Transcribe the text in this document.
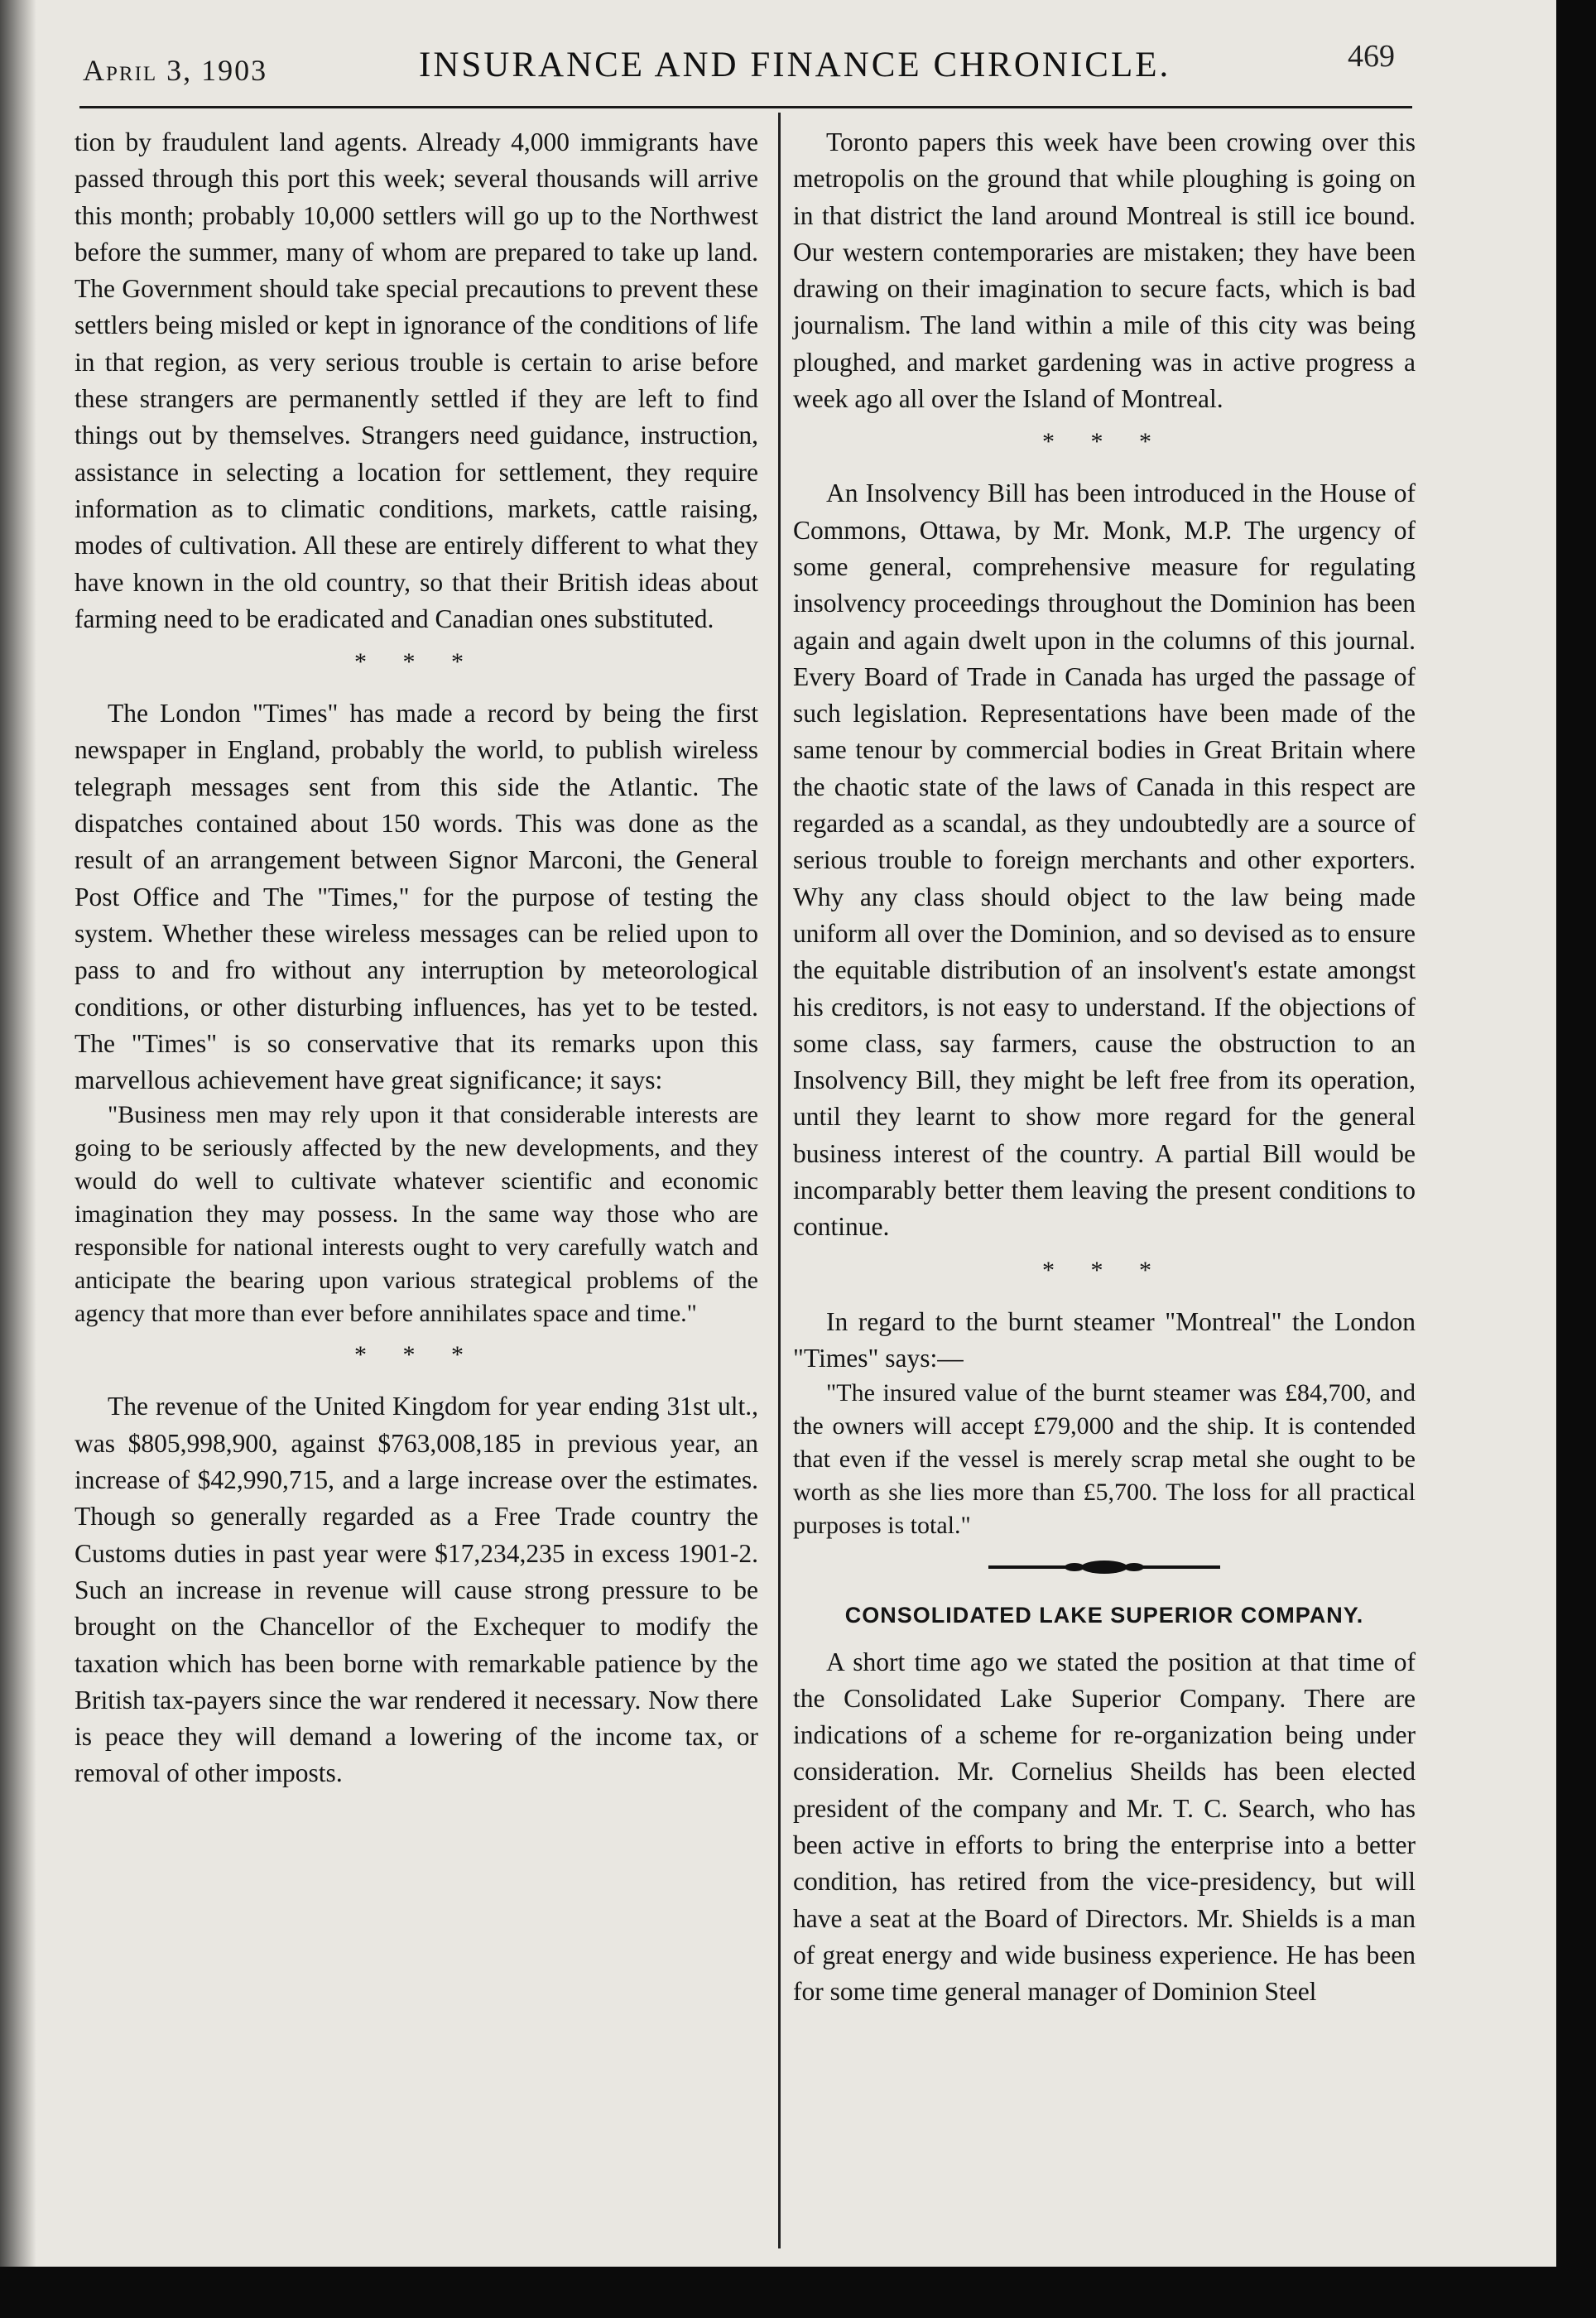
April 3, 1903	INSURANCE AND FINANCE CHRONICLE.	469

tion by fraudulent land agents. Already 4,000 immigrants have passed through this port this week; several thousands will arrive this month; probably 10,000 settlers will go up to the Northwest before the summer, many of whom are prepared to take up land. The Government should take special precautions to prevent these settlers being misled or kept in ignorance of the conditions of life in that region, as very serious trouble is certain to arise before these strangers are permanently settled if they are left to find things out by themselves. Strangers need guidance, instruction, assistance in selecting a location for settlement, they require information as to climatic conditions, markets, cattle raising, modes of cultivation. All these are entirely different to what they have known in the old country, so that their British ideas about farming need to be eradicated and Canadian ones substituted.

* * *

The London "Times" has made a record by being the first newspaper in England, probably the world, to publish wireless telegraph messages sent from this side the Atlantic. The dispatches contained about 150 words. This was done as the result of an arrangement between Signor Marconi, the General Post Office and The "Times," for the purpose of testing the system. Whether these wireless messages can be relied upon to pass to and fro without any interruption by meteorological conditions, or other disturbing influences, has yet to be tested. The "Times" is so conservative that its remarks upon this marvellous achievement have great significance; it says:

"Business men may rely upon it that considerable interests are going to be seriously affected by the new developments, and they would do well to cultivate whatever scientific and economic imagination they may possess. In the same way those who are responsible for national interests ought to very carefully watch and anticipate the bearing upon various strategical problems of the agency that more than ever before annihilates space and time."

* * *

The revenue of the United Kingdom for year ending 31st ult., was $805,998,900, against $763,008,185 in previous year, an increase of $42,990,715, and a large increase over the estimates. Though so generally regarded as a Free Trade country the Customs duties in past year were $17,234,235 in excess 1901-2. Such an increase in revenue will cause strong pressure to be brought on the Chancellor of the Exchequer to modify the taxation which has been borne with remarkable patience by the British tax-payers since the war rendered it necessary. Now there is peace they will demand a lowering of the income tax, or removal of other imposts.

Toronto papers this week have been crowing over this metropolis on the ground that while ploughing is going on in that district the land around Montreal is still ice bound. Our western contemporaries are mistaken; they have been drawing on their imagination to secure facts, which is bad journalism. The land within a mile of this city was being ploughed, and market gardening was in active progress a week ago all over the Island of Montreal.

* * *

An Insolvency Bill has been introduced in the House of Commons, Ottawa, by Mr. Monk, M.P. The urgency of some general, comprehensive measure for regulating insolvency proceedings throughout the Dominion has been again and again dwelt upon in the columns of this journal. Every Board of Trade in Canada has urged the passage of such legislation. Representations have been made of the same tenour by commercial bodies in Great Britain where the chaotic state of the laws of Canada in this respect are regarded as a scandal, as they undoubtedly are a source of serious trouble to foreign merchants and other exporters. Why any class should object to the law being made uniform all over the Dominion, and so devised as to ensure the equitable distribution of an insolvent's estate amongst his creditors, is not easy to understand. If the objections of some class, say farmers, cause the obstruction to an Insolvency Bill, they might be left free from its operation, until they learnt to show more regard for the general business interest of the country. A partial Bill would be incomparably better them leaving the present conditions to continue.

* * *

In regard to the burnt steamer "Montreal" the London "Times" says:—

"The insured value of the burnt steamer was £84,700, and the owners will accept £79,000 and the ship. It is contended that even if the vessel is merely scrap metal she ought to be worth as she lies more than £5,700. The loss for all practical purposes is total."

CONSOLIDATED LAKE SUPERIOR COMPANY.

A short time ago we stated the position at that time of the Consolidated Lake Superior Company. There are indications of a scheme for re-organization being under consideration. Mr. Cornelius Sheilds has been elected president of the company and Mr. T. C. Search, who has been active in efforts to bring the enterprise into a better condition, has retired from the vice-presidency, but will have a seat at the Board of Directors. Mr. Shields is a man of great energy and wide business experience. He has been for some time general manager of Dominion Steel
